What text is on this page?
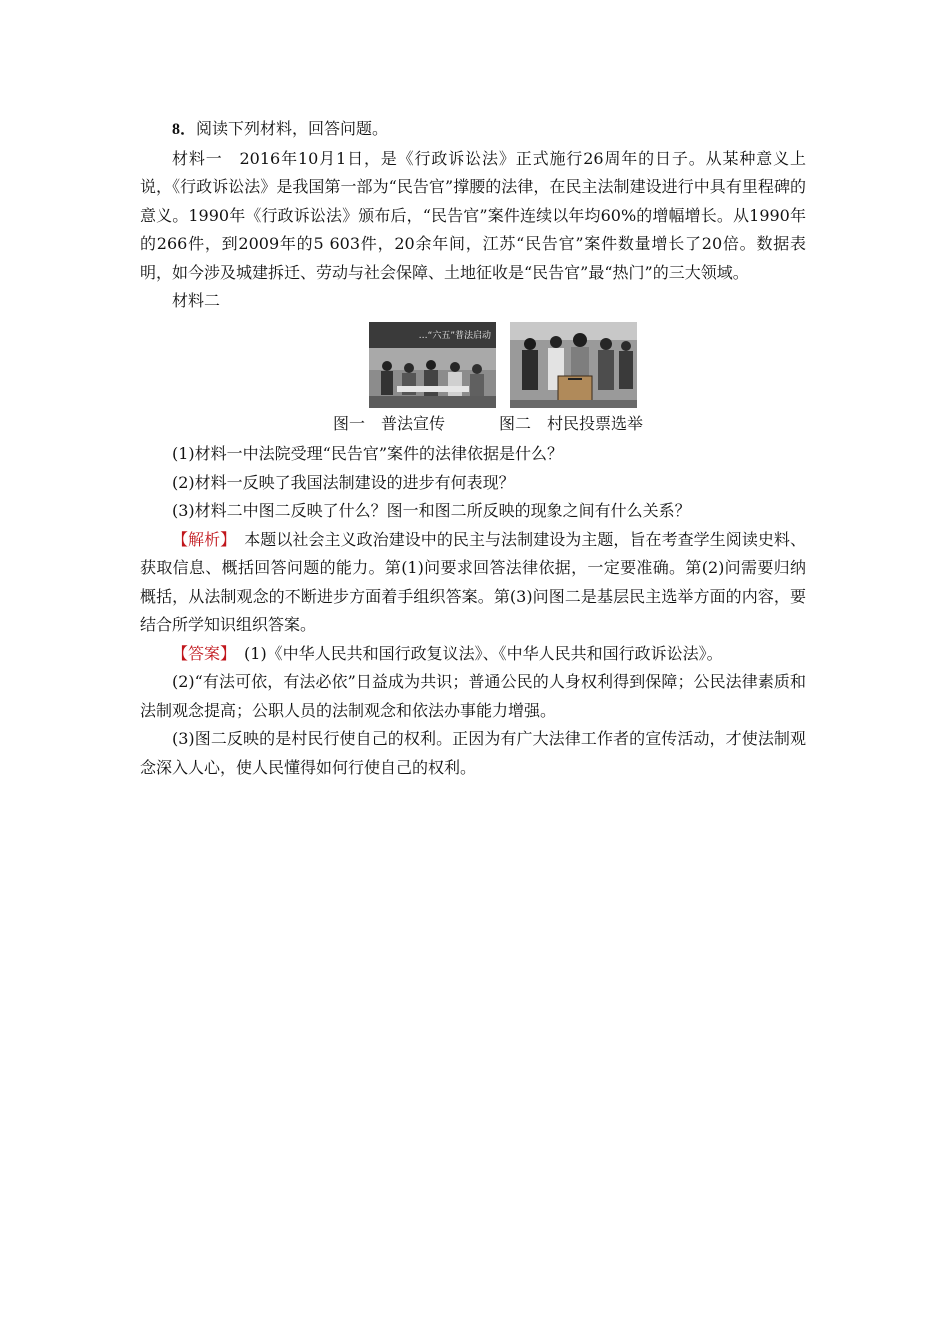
8．阅读下列材料，回答问题。

材料一　2016年10月1日，是《行政诉讼法》正式施行26周年的日子。从某种意义上说，《行政诉讼法》是我国第一部为“民告官”撑腰的法律，在民主法制建设进行中具有里程碑的意义。1990年《行政诉讼法》颁布后，“民告官”案件连续以年均60%的增幅增长。从1990年的266件，到2009年的5 603件，20余年间，江苏“民告官”案件数量增长了20倍。数据表明，如今涉及城建拆迁、劳动与社会保障、土地征收是“民告官”最“热门”的三大领域。

材料二

…“六五”普法启动
图一　普法宣传	图二　村民投票选举

(1)材料一中法院受理“民告官”案件的法律依据是什么？

(2)材料一反映了我国法制建设的进步有何表现？

(3)材料二中图二反映了什么？图一和图二所反映的现象之间有什么关系？

【解析】　本题以社会主义政治建设中的民主与法制建设为主题，旨在考查学生阅读史料、获取信息、概括回答问题的能力。第(1)问要求回答法律依据，一定要准确。第(2)问需要归纳概括，从法制观念的不断进步方面着手组织答案。第(3)问图二是基层民主选举方面的内容，要结合所学知识组织答案。

【答案】　(1)《中华人民共和国行政复议法》、《中华人民共和国行政诉讼法》。

(2)“有法可依，有法必依”日益成为共识；普通公民的人身权利得到保障；公民法律素质和法制观念提高；公职人员的法制观念和依法办事能力增强。

(3)图二反映的是村民行使自己的权利。正因为有广大法律工作者的宣传活动，才使法制观念深入人心，使人民懂得如何行使自己的权利。
